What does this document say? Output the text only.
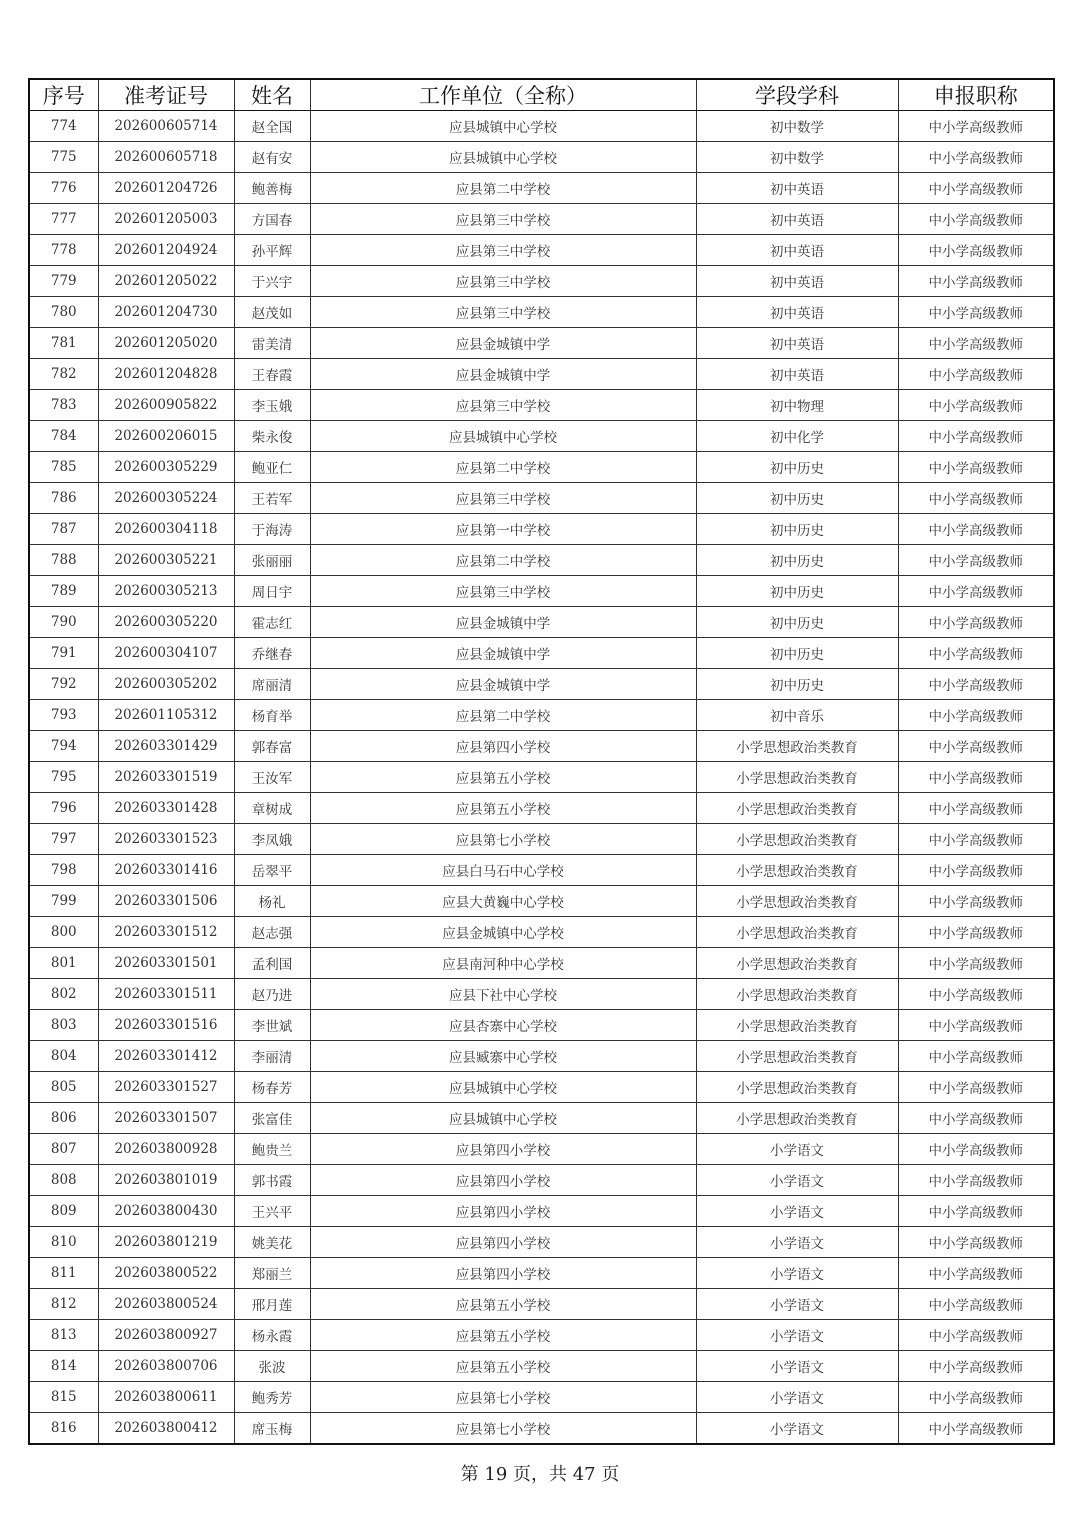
序号	准考证号	姓名	工作单位（全称）	学段学科	申报职称
774	202600605714	赵全国	应县城镇中心学校	初中数学	中小学高级教师
775	202600605718	赵有安	应县城镇中心学校	初中数学	中小学高级教师
776	202601204726	鲍善梅	应县第二中学校	初中英语	中小学高级教师
777	202601205003	方国春	应县第三中学校	初中英语	中小学高级教师
778	202601204924	孙平辉	应县第三中学校	初中英语	中小学高级教师
779	202601205022	于兴宇	应县第三中学校	初中英语	中小学高级教师
780	202601204730	赵茂如	应县第三中学校	初中英语	中小学高级教师
781	202601205020	雷美清	应县金城镇中学	初中英语	中小学高级教师
782	202601204828	王春霞	应县金城镇中学	初中英语	中小学高级教师
783	202600905822	李玉娥	应县第三中学校	初中物理	中小学高级教师
784	202600206015	柴永俊	应县城镇中心学校	初中化学	中小学高级教师
785	202600305229	鲍亚仁	应县第二中学校	初中历史	中小学高级教师
786	202600305224	王若军	应县第三中学校	初中历史	中小学高级教师
787	202600304118	于海涛	应县第一中学校	初中历史	中小学高级教师
788	202600305221	张丽丽	应县第二中学校	初中历史	中小学高级教师
789	202600305213	周日宇	应县第三中学校	初中历史	中小学高级教师
790	202600305220	霍志红	应县金城镇中学	初中历史	中小学高级教师
791	202600304107	乔继春	应县金城镇中学	初中历史	中小学高级教师
792	202600305202	席丽清	应县金城镇中学	初中历史	中小学高级教师
793	202601105312	杨育举	应县第二中学校	初中音乐	中小学高级教师
794	202603301429	郭春富	应县第四小学校	小学思想政治类教育	中小学高级教师
795	202603301519	王汝军	应县第五小学校	小学思想政治类教育	中小学高级教师
796	202603301428	章树成	应县第五小学校	小学思想政治类教育	中小学高级教师
797	202603301523	李凤娥	应县第七小学校	小学思想政治类教育	中小学高级教师
798	202603301416	岳翠平	应县白马石中心学校	小学思想政治类教育	中小学高级教师
799	202603301506	杨礼	应县大黄巍中心学校	小学思想政治类教育	中小学高级教师
800	202603301512	赵志强	应县金城镇中心学校	小学思想政治类教育	中小学高级教师
801	202603301501	孟利国	应县南河种中心学校	小学思想政治类教育	中小学高级教师
802	202603301511	赵乃进	应县下社中心学校	小学思想政治类教育	中小学高级教师
803	202603301516	李世斌	应县杏寨中心学校	小学思想政治类教育	中小学高级教师
804	202603301412	李丽清	应县臧寨中心学校	小学思想政治类教育	中小学高级教师
805	202603301527	杨春芳	应县城镇中心学校	小学思想政治类教育	中小学高级教师
806	202603301507	张富佳	应县城镇中心学校	小学思想政治类教育	中小学高级教师
807	202603800928	鲍贵兰	应县第四小学校	小学语文	中小学高级教师
808	202603801019	郭书霞	应县第四小学校	小学语文	中小学高级教师
809	202603800430	王兴平	应县第四小学校	小学语文	中小学高级教师
810	202603801219	姚美花	应县第四小学校	小学语文	中小学高级教师
811	202603800522	郑丽兰	应县第四小学校	小学语文	中小学高级教师
812	202603800524	邢月莲	应县第五小学校	小学语文	中小学高级教师
813	202603800927	杨永霞	应县第五小学校	小学语文	中小学高级教师
814	202603800706	张波	应县第五小学校	小学语文	中小学高级教师
815	202603800611	鲍秀芳	应县第七小学校	小学语文	中小学高级教师
816	202603800412	席玉梅	应县第七小学校	小学语文	中小学高级教师
第 19 页，共 47 页
